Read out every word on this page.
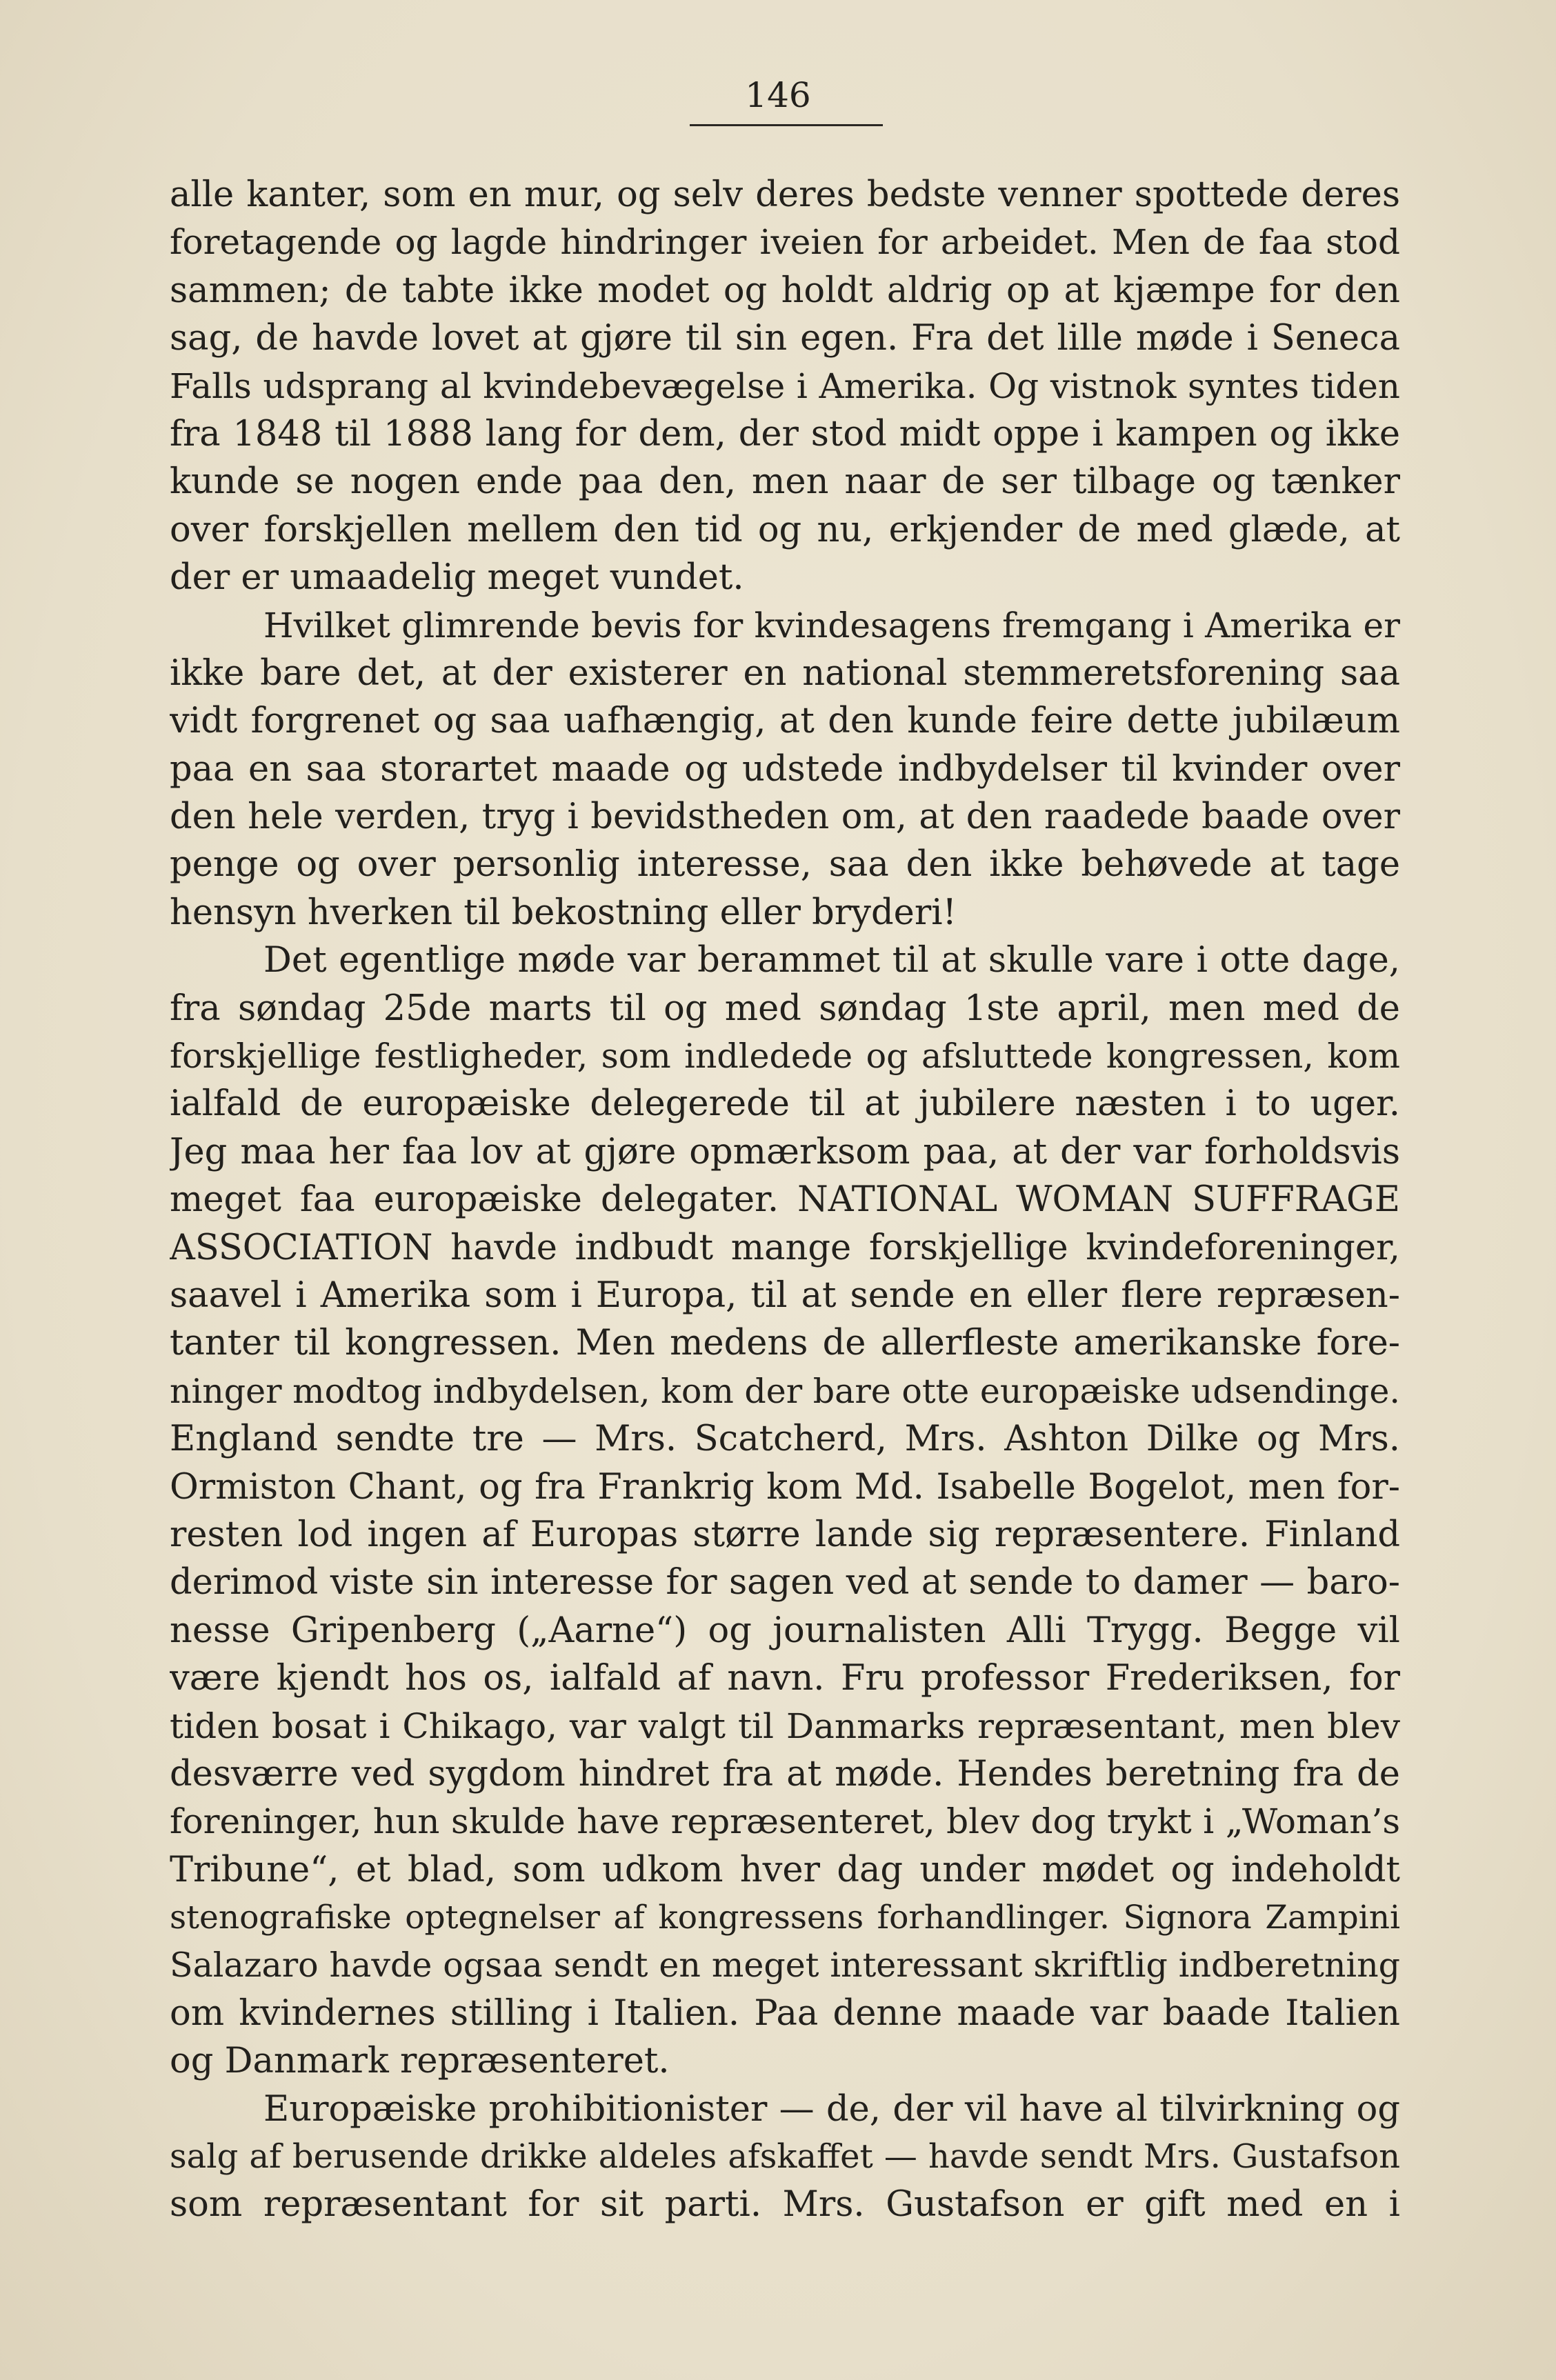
146
alle kanter, som en mur, og selv deres bedste venner spottede deres
foretagende og lagde hindringer iveien for arbeidet. Men de faa stod
sammen; de tabte ikke modet og holdt aldrig op at kjæmpe for den
sag, de havde lovet at gjøre til sin egen. Fra det lille møde i Seneca
Falls udsprang al kvindebevægelse i Amerika. Og vistnok syntes tiden
fra 1848 til 1888 lang for dem, der stod midt oppe i kampen og ikke
kunde se nogen ende paa den, men naar de ser tilbage og tænker
over forskjellen mellem den tid og nu, erkjender de med glæde, at
der er umaadelig meget vundet.
Hvilket glimrende bevis for kvindesagens fremgang i Amerika er
ikke bare det, at der existerer en national stemmeretsforening saa
vidt forgrenet og saa uafhængig, at den kunde feire dette jubilæum
paa en saa storartet maade og udstede indbydelser til kvinder over
den hele verden, tryg i bevidstheden om, at den raadede baade over
penge og over personlig interesse, saa den ikke behøvede at tage
hensyn hverken til bekostning eller bryderi!
Det egentlige møde var berammet til at skulle vare i otte dage,
fra søndag 25de marts til og med søndag 1ste april, men med de
forskjellige festligheder, som indledede og afsluttede kongressen, kom
ialfald de europæiske delegerede til at jubilere næsten i to uger.
Jeg maa her faa lov at gjøre opmærksom paa, at der var forholdsvis
meget faa europæiske delegater. NATIONAL WOMAN SUFFRAGE
ASSOCIATION havde indbudt mange forskjellige kvindeforeninger,
saavel i Amerika som i Europa, til at sende en eller flere repræsen-
tanter til kongressen. Men medens de allerfleste amerikanske fore-
ninger modtog indbydelsen, kom der bare otte europæiske udsendinge.
England sendte tre — Mrs. Scatcherd, Mrs. Ashton Dilke og Mrs.
Ormiston Chant, og fra Frankrig kom Md. Isabelle Bogelot, men for-
resten lod ingen af Europas større lande sig repræsentere. Finland
derimod viste sin interesse for sagen ved at sende to damer — baro-
nesse Gripenberg („Aarne“) og journalisten Alli Trygg. Begge vil
være kjendt hos os, ialfald af navn. Fru professor Frederiksen, for
tiden bosat i Chikago, var valgt til Danmarks repræsentant, men blev
desværre ved sygdom hindret fra at møde. Hendes beretning fra de
foreninger, hun skulde have repræsenteret, blev dog trykt i „Woman’s
Tribune“, et blad, som udkom hver dag under mødet og indeholdt
stenografiske optegnelser af kongressens forhandlinger. Signora Zampini
Salazaro havde ogsaa sendt en meget interessant skriftlig indberetning
om kvindernes stilling i Italien. Paa denne maade var baade Italien
og Danmark repræsenteret.
Europæiske prohibitionister — de, der vil have al tilvirkning og
salg af berusende drikke aldeles afskaffet — havde sendt Mrs. Gustafson
som repræsentant for sit parti. Mrs. Gustafson er gift med en i
